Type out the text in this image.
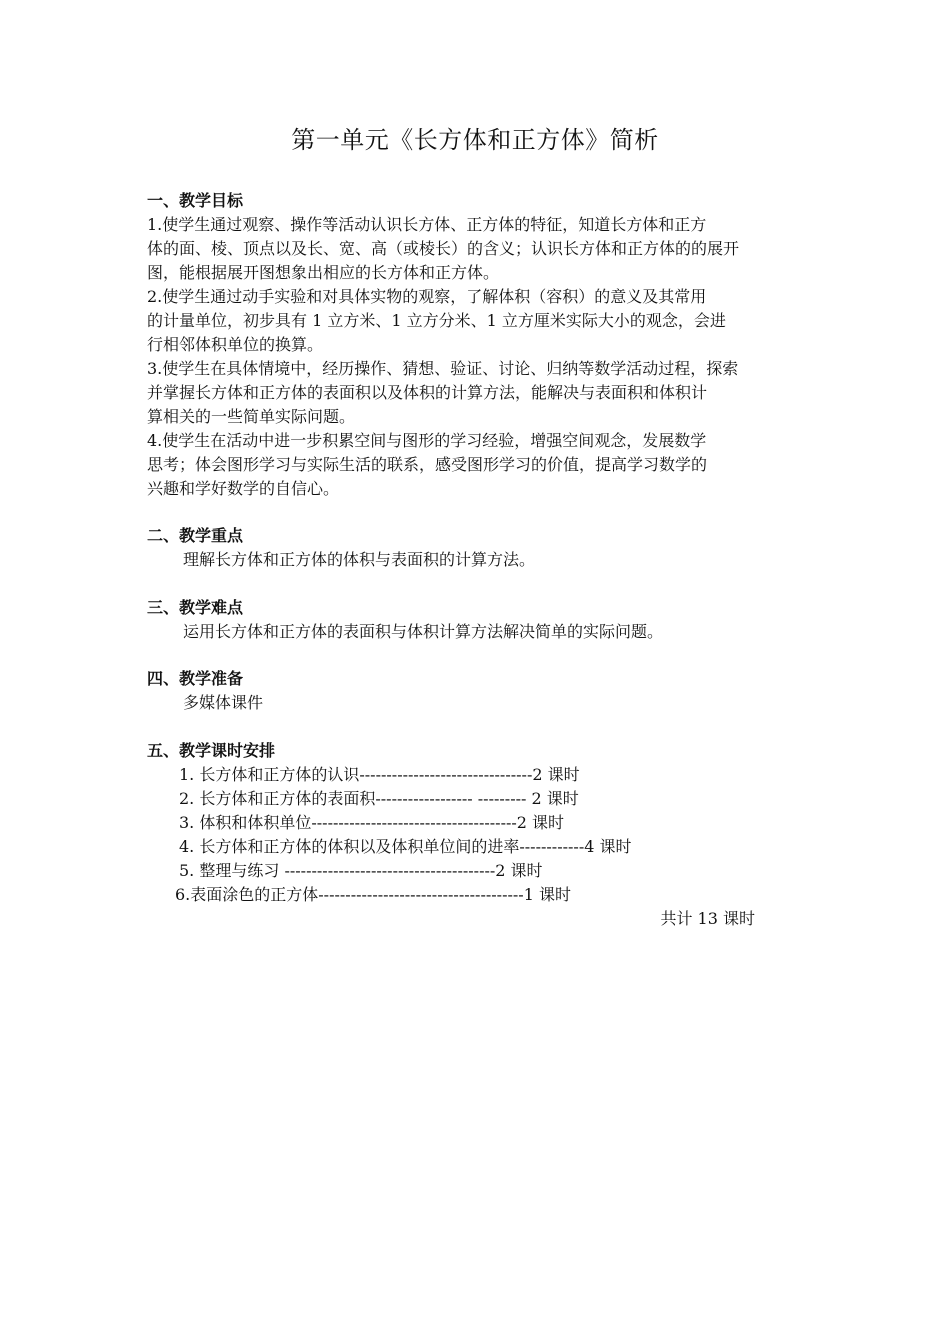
第一单元《长方体和正方体》简析
一、教学目标
1.使学生通过观察、操作等活动认识长方体、正方体的特征，知道长方体和正方
体的面、棱、顶点以及长、宽、高（或棱长）的含义；认识长方体和正方体的的展开
图，能根据展开图想象出相应的长方体和正方体。
2.使学生通过动手实验和对具体实物的观察，了解体积（容积）的意义及其常用
的计量单位，初步具有 1 立方米、1 立方分米、1 立方厘米实际大小的观念，会进
行相邻体积单位的换算。
3.使学生在具体情境中，经历操作、猜想、验证、讨论、归纳等数学活动过程，探索
并掌握长方体和正方体的表面积以及体积的计算方法，能解决与表面积和体积计
算相关的一些简单实际问题。
4.使学生在活动中进一步积累空间与图形的学习经验，增强空间观念，发展数学
思考；体会图形学习与实际生活的联系，感受图形学习的价值，提高学习数学的
兴趣和学好数学的自信心。
二、教学重点
理解长方体和正方体的体积与表面积的计算方法。
三、教学难点
运用长方体和正方体的表面积与体积计算方法解决简单的实际问题。
四、教学准备
多媒体课件
五、教学课时安排
1. 长方体和正方体的认识--------------------------------2 课时
2. 长方体和正方体的表面积------------------ --------- 2 课时
3. 体积和体积单位--------------------------------------2 课时
4. 长方体和正方体的体积以及体积单位间的进率------------4 课时
5. 整理与练习 ---------------------------------------2 课时
6.表面涂色的正方体--------------------------------------1 课时
共计 13 课时
